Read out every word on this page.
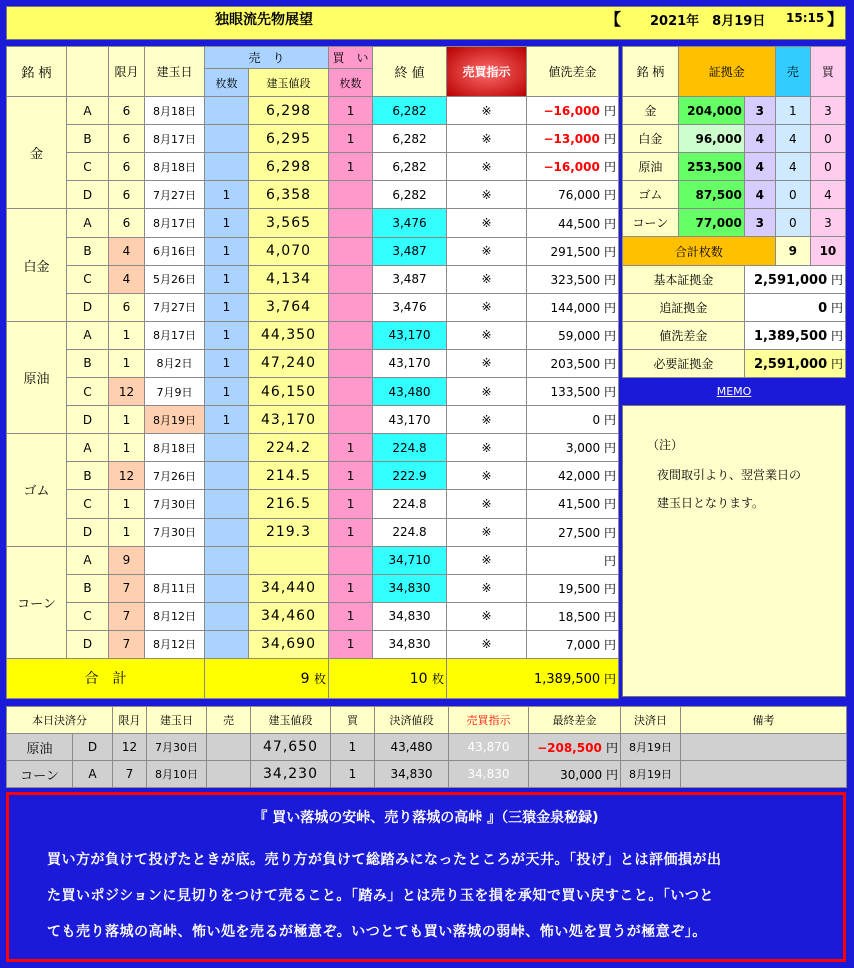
独眼流先物展望	【 2021年　8月19日 15:15 】
銘 柄		限月	建玉日	売　り		買　い	終 値	売買指示	値洗差金
				枚数	建玉値段	枚数			
金	A	6	8月18日		6,298	1	6,282	※	−16,000 円
	B	6	8月17日		6,295	1	6,282	※	−13,000 円
	C	6	8月18日		6,298	1	6,282	※	−16,000 円
	D	6	7月27日	1	6,358		6,282	※	76,000 円
白金	A	6	8月17日	1	3,565		3,476	※	44,500 円
	B	4	6月16日	1	4,070		3,487	※	291,500 円
	C	4	5月26日	1	4,134		3,487	※	323,500 円
	D	6	7月27日	1	3,764		3,476	※	144,000 円
原油	A	1	8月17日	1	44,350		43,170	※	59,000 円
	B	1	8月2日	1	47,240		43,170	※	203,500 円
	C	12	7月9日	1	46,150		43,480	※	133,500 円
	D	1	8月19日	1	43,170		43,170	※	0 円
ゴム	A	1	8月18日		224.2	1	224.8	※	3,000 円
	B	12	7月26日		214.5	1	222.9	※	42,000 円
	C	1	7月30日		216.5	1	224.8	※	41,500 円
	D	1	7月30日		219.3	1	224.8	※	27,500 円
コーン	A	9					34,710	※	円
	B	7	8月11日		34,440	1	34,830	※	19,500 円
	C	7	8月12日		34,460	1	34,830	※	18,500 円
	D	7	8月12日		34,690	1	34,830	※	7,000 円
合　計				9 枚		10 枚		1,389,500 円	
銘 柄	証拠金		売	買
金	204,000	3	1	3
白金	96,000	4	4	0
原油	253,500	4	4	0
ゴム	87,500	4	0	4
コーン	77,000	3	0	3
合計枚数			9	10
基本証拠金		2,591,000 円		
追証拠金		0 円		
値洗差金		1,389,500 円		
必要証拠金		2,591,000 円		
MEMO

（注）

夜間取引より、翌営業日の

建玉日となります。

本日決済分		限月	建玉日	売	建玉値段	買	決済値段	売買指示	最終差金	決済日	備考
原油	D	12	7月30日		47,650	1	43,480	43,870	−208,500 円	8月19日	
コーン	A	7	8月10日		34,230	1	34,830	34,830	30,000 円	8月19日	
『 買い落城の安峠、売り落城の高峠 』（三猿金泉秘録)
買い方が負けて投げたときが底。売り方が負けて総踏みになったところが天井。「投げ」とは評価損が出
た買いポジションに見切りをつけて売ること。「踏み」とは売り玉を損を承知で買い戻すこと。「いつと
ても売り落城の高峠、怖い処を売るが極意ぞ。いつとても買い落城の弱峠、怖い処を買うが極意ぞ」。
